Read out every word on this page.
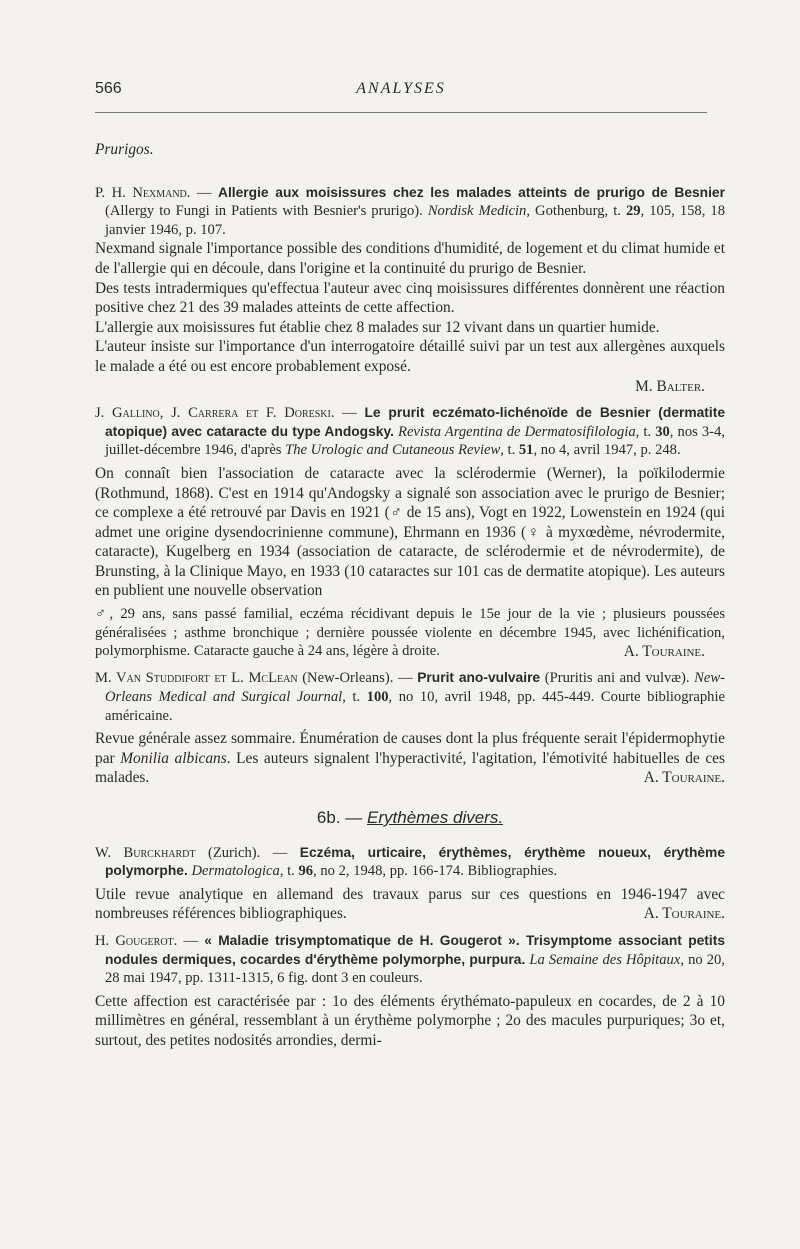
566	ANALYSES

Prurigos.

P. H. Nexmand. — Allergie aux moisissures chez les malades atteints de prurigo de Besnier (Allergy to Fungi in Patients with Besnier's prurigo). Nordisk Medicin, Gothenburg, t. 29, 105, 158, 18 janvier 1946, p. 107.

Nexmand signale l'importance possible des conditions d'humidité, de logement et du climat humide et de l'allergie qui en découle, dans l'origine et la continuité du prurigo de Besnier.

Des tests intradermiques qu'effectua l'auteur avec cinq moisissures différentes donnèrent une réaction positive chez 21 des 39 malades atteints de cette affection.

L'allergie aux moisissures fut établie chez 8 malades sur 12 vivant dans un quartier humide.

L'auteur insiste sur l'importance d'un interrogatoire détaillé suivi par un test aux allergènes auxquels le malade a été ou est encore probablement exposé.

M. Balter.

J. Gallino, J. Carrera et F. Doreski. — Le prurit eczémato-lichénoïde de Besnier (dermatite atopique) avec cataracte du type Andogsky. Revista Argentina de Dermatosifilologia, t. 30, nos 3-4, juillet-décembre 1946, d'après The Urologic and Cutaneous Review, t. 51, no 4, avril 1947, p. 248.

On connaît bien l'association de cataracte avec la sclérodermie (Werner), la poïkilodermie (Rothmund, 1868). C'est en 1914 qu'Andogsky a signalé son association avec le prurigo de Besnier; ce complexe a été retrouvé par Davis en 1921 (♂ de 15 ans), Vogt en 1922, Lowenstein en 1924 (qui admet une origine dysendocrinienne commune), Ehrmann en 1936 (♀ à myxœdème, névrodermite, cataracte), Kugelberg en 1934 (association de cataracte, de sclérodermie et de névrodermite), de Brunsting, à la Clinique Mayo, en 1933 (10 cataractes sur 101 cas de dermatite atopique). Les auteurs en publient une nouvelle observation

♂, 29 ans, sans passé familial, eczéma récidivant depuis le 15e jour de la vie ; plusieurs poussées généralisées ; asthme bronchique ; dernière poussée violente en décembre 1945, avec lichénification, polymorphisme. Cataracte gauche à 24 ans, légère à droite.	A. Touraine.

M. Van Studdifort et L. McLean (New-Orleans). — Prurit ano-vulvaire (Pruritis ani and vulvæ). New-Orleans Medical and Surgical Journal, t. 100, no 10, avril 1948, pp. 445-449. Courte bibliographie américaine.

Revue générale assez sommaire. Énumération de causes dont la plus fréquente serait l'épidermophytie par Monilia albicans. Les auteurs signalent l'hyperactivité, l'agitation, l'émotivité habituelles de ces malades.	A. Touraine.

6b. — Erythèmes divers.

W. Burckhardt (Zurich). — Eczéma, urticaire, érythèmes, érythème noueux, érythème polymorphe. Dermatologica, t. 96, no 2, 1948, pp. 166-174. Bibliographies.

Utile revue analytique en allemand des travaux parus sur ces questions en 1946-1947 avec nombreuses références bibliographiques.	A. Touraine.

H. Gougerot. — « Maladie trisymptomatique de H. Gougerot ». Trisymptome associant petits nodules dermiques, cocardes d'érythème polymorphe, purpura. La Semaine des Hôpitaux, no 20, 28 mai 1947, pp. 1311-1315, 6 fig. dont 3 en couleurs.

Cette affection est caractérisée par : 1o des éléments érythémato-papuleux en cocardes, de 2 à 10 millimètres en général, ressemblant à un érythème polymorphe ; 2o des macules purpuriques; 3o et, surtout, des petites nodosités arrondies, dermi-
